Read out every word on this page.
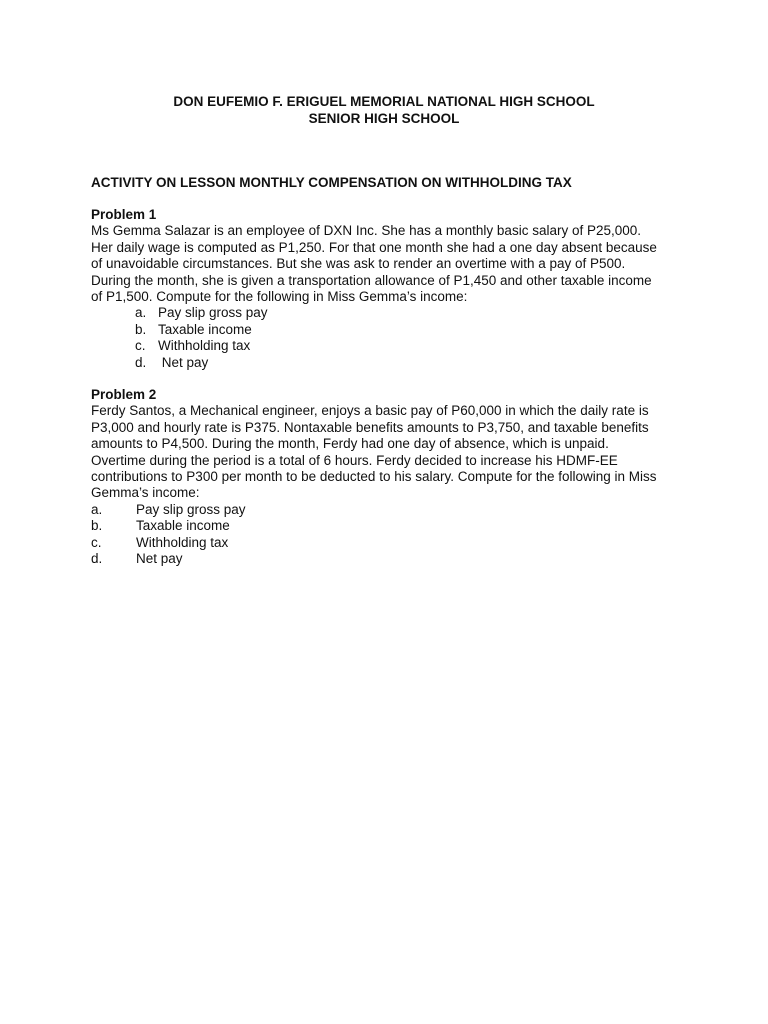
DON EUFEMIO F. ERIGUEL MEMORIAL NATIONAL HIGH SCHOOL
SENIOR HIGH SCHOOL
ACTIVITY ON LESSON MONTHLY COMPENSATION ON WITHHOLDING TAX
Problem 1
Ms Gemma Salazar is an employee of DXN Inc. She has a monthly basic salary of P25,000.
Her daily wage is computed as P1,250. For that one month she had a one day absent because
of unavoidable circumstances. But she was ask to render an overtime with a pay of P500.
During the month, she is given a transportation allowance of P1,450 and other taxable income
of P1,500. Compute for the following in Miss Gemma’s income:
a. Pay slip gross pay
b. Taxable income
c. Withholding tax
d. Net pay
Problem 2
Ferdy Santos, a Mechanical engineer, enjoys a basic pay of P60,000 in which the daily rate is
P3,000 and hourly rate is P375. Nontaxable benefits amounts to P3,750, and taxable benefits
amounts to P4,500. During the month, Ferdy had one day of absence, which is unpaid.
Overtime during the period is a total of 6 hours. Ferdy decided to increase his HDMF-EE
contributions to P300 per month to be deducted to his salary. Compute for the following in Miss
Gemma’s income:
a. Pay slip gross pay
b. Taxable income
c.	Withholding tax
d. Net pay
